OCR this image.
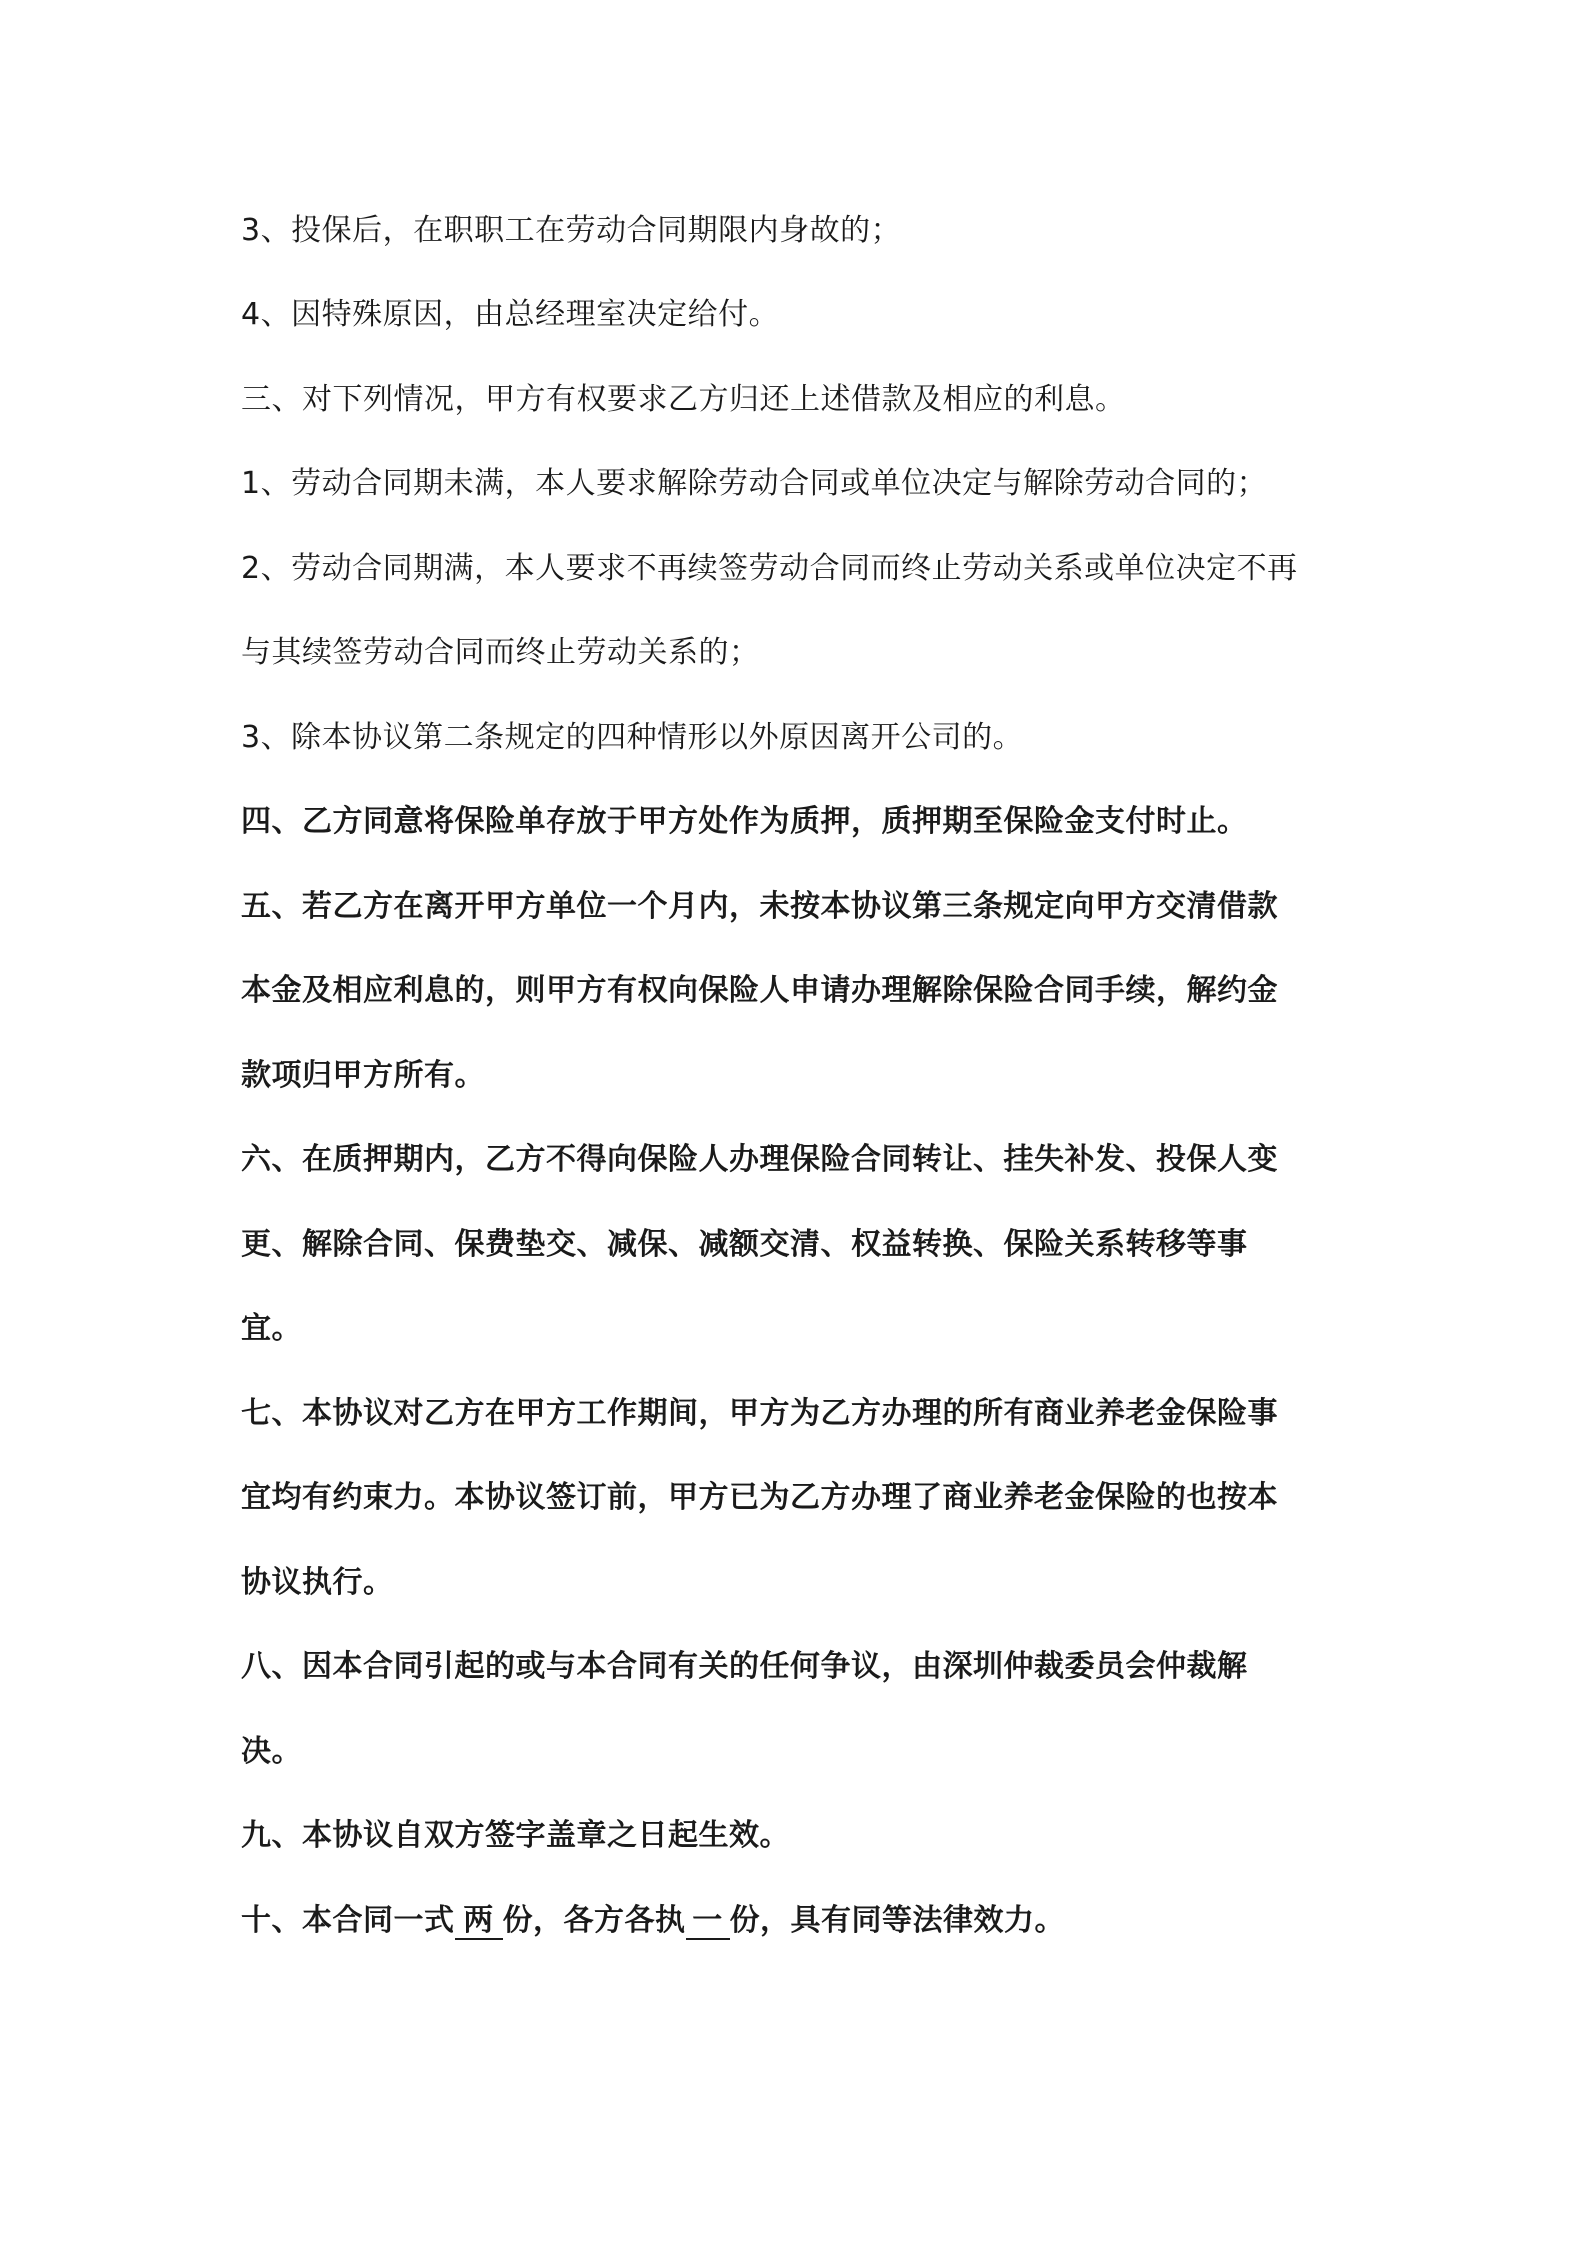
3、投保后，在职职工在劳动合同期限内身故的；
4、因特殊原因，由总经理室决定给付。
三、对下列情况，甲方有权要求乙方归还上述借款及相应的利息。
1、劳动合同期未满，本人要求解除劳动合同或单位决定与解除劳动合同的；
2、劳动合同期满，本人要求不再续签劳动合同而终止劳动关系或单位决定不再
与其续签劳动合同而终止劳动关系的；
3、除本协议第二条规定的四种情形以外原因离开公司的。
四、乙方同意将保险单存放于甲方处作为质押，质押期至保险金支付时止。
五、若乙方在离开甲方单位一个月内，未按本协议第三条规定向甲方交清借款
本金及相应利息的，则甲方有权向保险人申请办理解除保险合同手续，解约金
款项归甲方所有。
六、在质押期内，乙方不得向保险人办理保险合同转让、挂失补发、投保人变
更、解除合同、保费垫交、减保、减额交清、权益转换、保险关系转移等事
宜。
七、本协议对乙方在甲方工作期间，甲方为乙方办理的所有商业养老金保险事
宜均有约束力。本协议签订前，甲方已为乙方办理了商业养老金保险的也按本
协议执行。
八、因本合同引起的或与本合同有关的任何争议，由深圳仲裁委员会仲裁解
决。
九、本协议自双方签字盖章之日起生效。
十、本合同一式 两 份，各方各执 一 份，具有同等法律效力。
